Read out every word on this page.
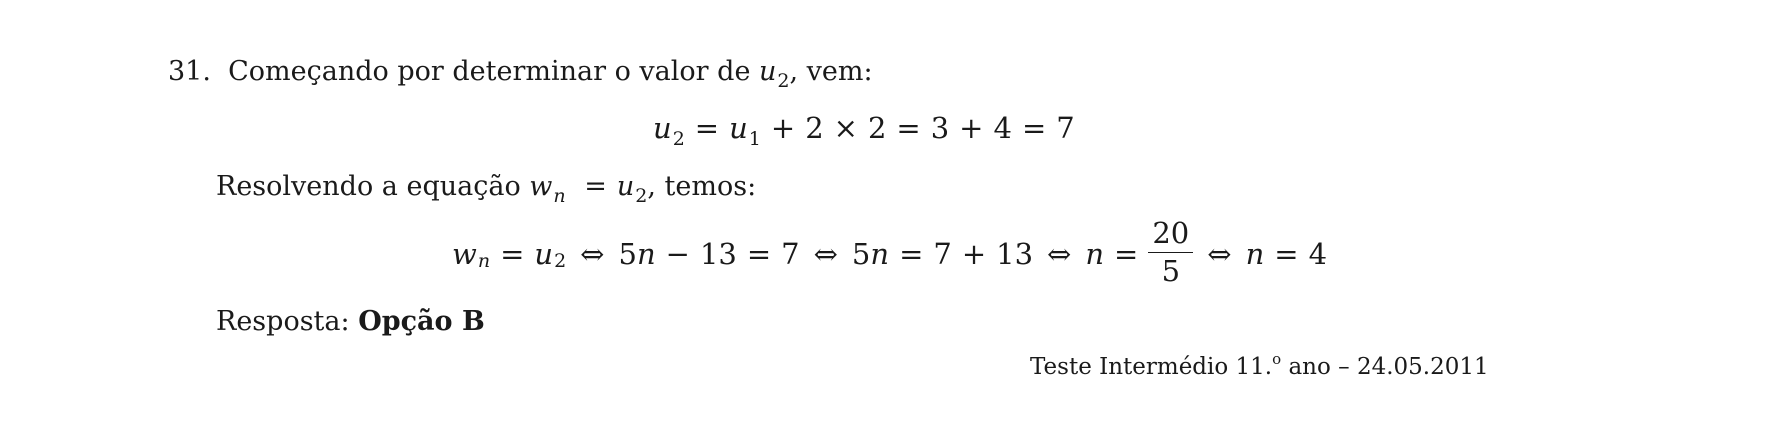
31. Começando por determinar o valor de $u_2$, vem:
$u_2 = u_1 + 2 \times 2 = 3 + 4 = 7$
Resolvendo a equação $w_n = u_2$, temos:
w n = u 2 ⇔ 5 n − 13 = 7 ⇔ 5 n = 7 + 13 ⇔ $n = \frac{20}{5}$ ⇔ n = 4
Resposta: Opção B
Teste Intermédio 11.$^o$ ano – 24.05.2011
